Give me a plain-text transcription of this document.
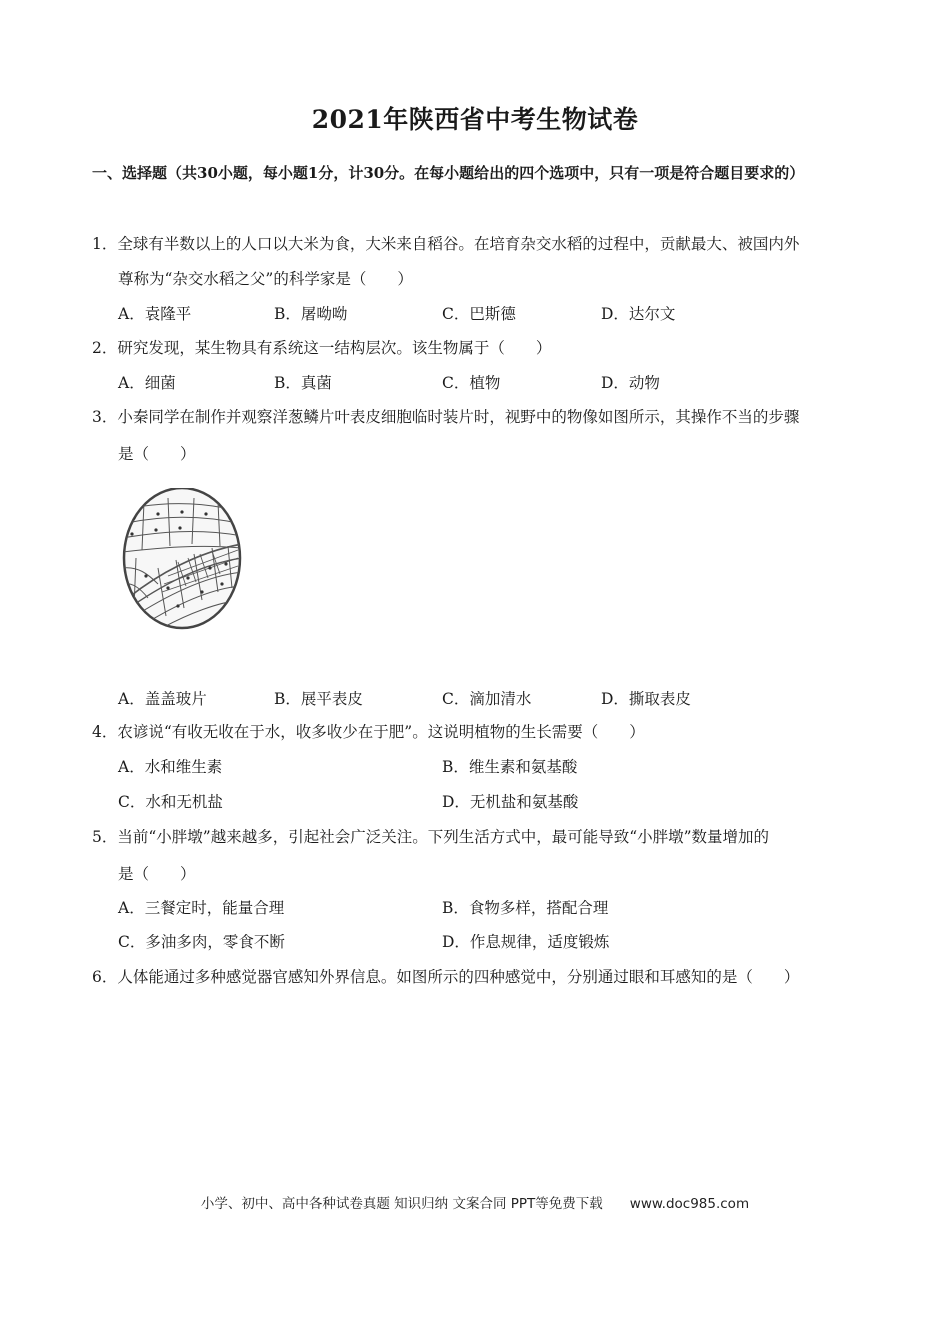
2021年陕西省中考生物试卷
一、选择题（共30小题，每小题1分，计30分。在每小题给出的四个选项中，只有一项是符合题目要求的）
1．全球有半数以上的人口以大米为食，大米来自稻谷。在培育杂交水稻的过程中，贡献最大、被国内外
尊称为“杂交水稻之父”的科学家是（　　）
A．袁隆平	B．屠呦呦	C．巴斯德	D．达尔文
2．研究发现，某生物具有系统这一结构层次。该生物属于（　　）
A．细菌	B．真菌	C．植物	D．动物
3．小秦同学在制作并观察洋葱鳞片叶表皮细胞临时装片时，视野中的物像如图所示，其操作不当的步骤
是（　　）
A．盖盖玻片	B．展平表皮	C．滴加清水	D．撕取表皮
4．农谚说“有收无收在于水，收多收少在于肥”。这说明植物的生长需要（　　）
A．水和维生素	B．维生素和氨基酸
C．水和无机盐	D．无机盐和氨基酸
5．当前“小胖墩”越来越多，引起社会广泛关注。下列生活方式中，最可能导致“小胖墩”数量增加的
是（　　）
A．三餐定时，能量合理	B．食物多样，搭配合理
C．多油多肉，零食不断	D．作息规律，适度锻炼
6．人体能通过多种感觉器官感知外界信息。如图所示的四种感觉中，分别通过眼和耳感知的是（　　）
小学、初中、高中各种试卷真题 知识归纳 文案合同 PPT等免费下载　　www.doc985.com
